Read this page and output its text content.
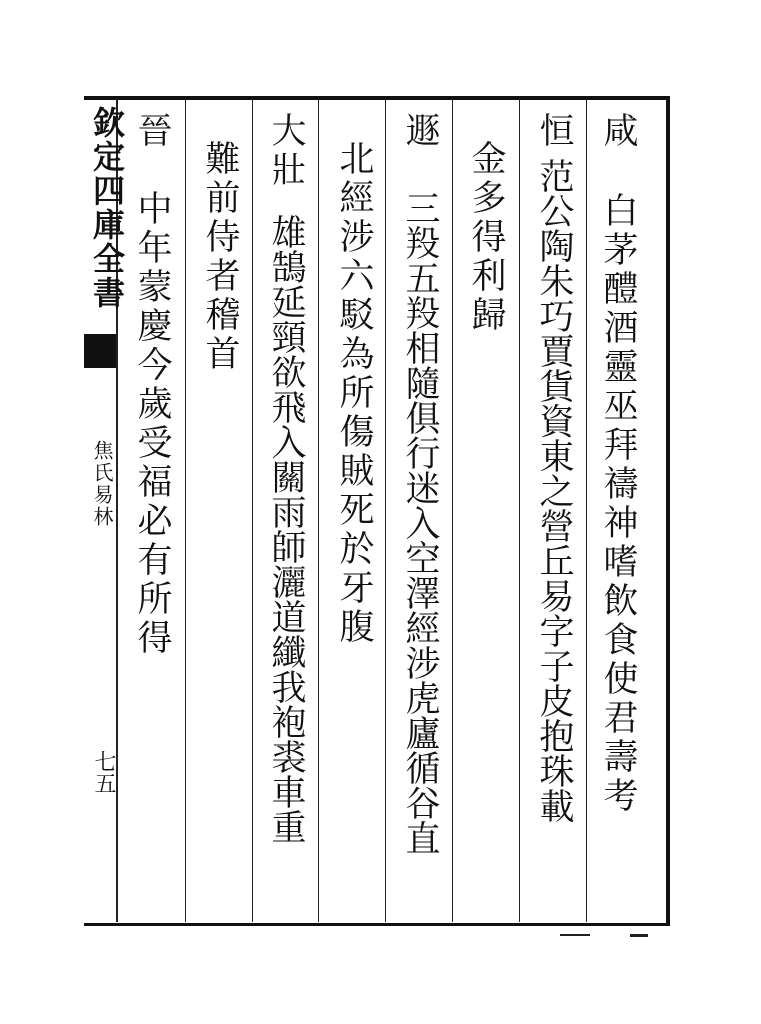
欽定四庫全書
焦氏易林
七五
咸
白茅醴酒靈巫拜禱神嗜飲食使君壽考
恒
范公陶朱巧賈貨資東之營丘易字子皮抱珠載
金多得利歸
遯
三羖五羖相隨俱行迷入空澤經涉虎廬循谷直
北經涉六駁為所傷賊死於牙腹
大壯
雄鵠延頸欲飛入關雨師灑道纖我袍裘車重
難前侍者稽首
晉
中年蒙慶今歲受福必有所得
